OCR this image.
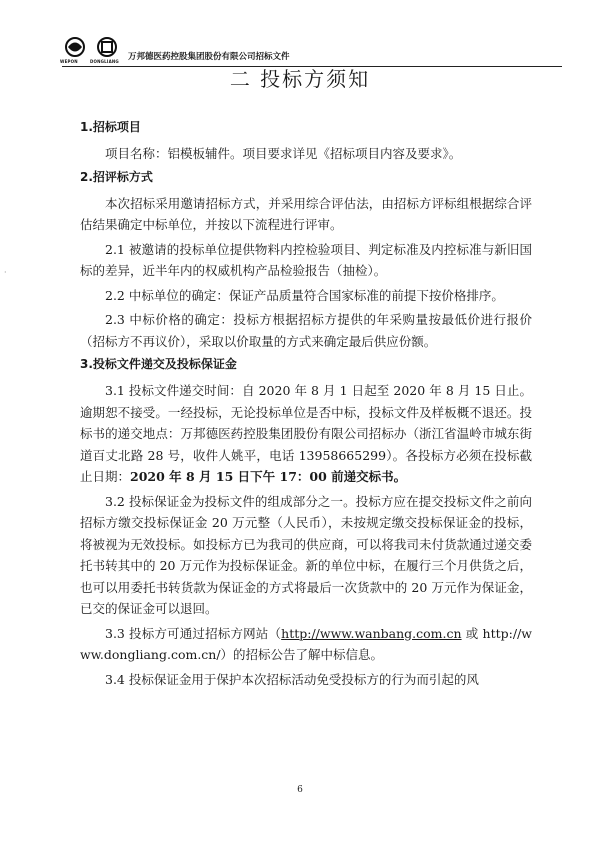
WEPON	DONGLIANG 万邦德医药控股集团股份有限公司招标文件
二 投标方须知
·
1.招标项目
项目名称：铝模板辅件。项目要求详见《招标项目内容及要求》。
2.招评标方式
本次招标采用邀请招标方式，并采用综合评估法，由招标方评标组根据综合评估结果确定中标单位，并按以下流程进行评审。
2.1 被邀请的投标单位提供物料内控检验项目、判定标准及内控标准与新旧国标的差异，近半年内的权威机构产品检验报告（抽检）。
2.2 中标单位的确定：保证产品质量符合国家标准的前提下按价格排序。
2.3 中标价格的确定：投标方根据招标方提供的年采购量按最低价进行报价（招标方不再议价），采取以价取量的方式来确定最后供应份额。
3.投标文件递交及投标保证金
3.1 投标文件递交时间：自 2020 年 8 月 1 日起至 2020 年 8 月 15 日止。逾期恕不接受。一经投标，无论投标单位是否中标，投标文件及样板概不退还。投标书的递交地点：万邦德医药控股集团股份有限公司招标办（浙江省温岭市城东街道百丈北路 28 号，收件人姚平，电话 13958665299）。各投标方必须在投标截止日期：2020 年 8 月 15 日下午 17：00 前递交标书。
3.2 投标保证金为投标文件的组成部分之一。投标方应在提交投标文件之前向招标方缴交投标保证金 20 万元整（人民币），未按规定缴交投标保证金的投标，将被视为无效投标。如投标方已为我司的供应商，可以将我司未付货款通过递交委托书转其中的 20 万元作为投标保证金。新的单位中标，在履行三个月供货之后，也可以用委托书转货款为保证金的方式将最后一次货款中的 20 万元作为保证金，已交的保证金可以退回。
3.3 投标方可通过招标方网站（http://www.wanbang.com.cn 或 http://www.dongliang.com.cn/）的招标公告了解中标信息。
3.4 投标保证金用于保护本次招标活动免受投标方的行为而引起的风
6
